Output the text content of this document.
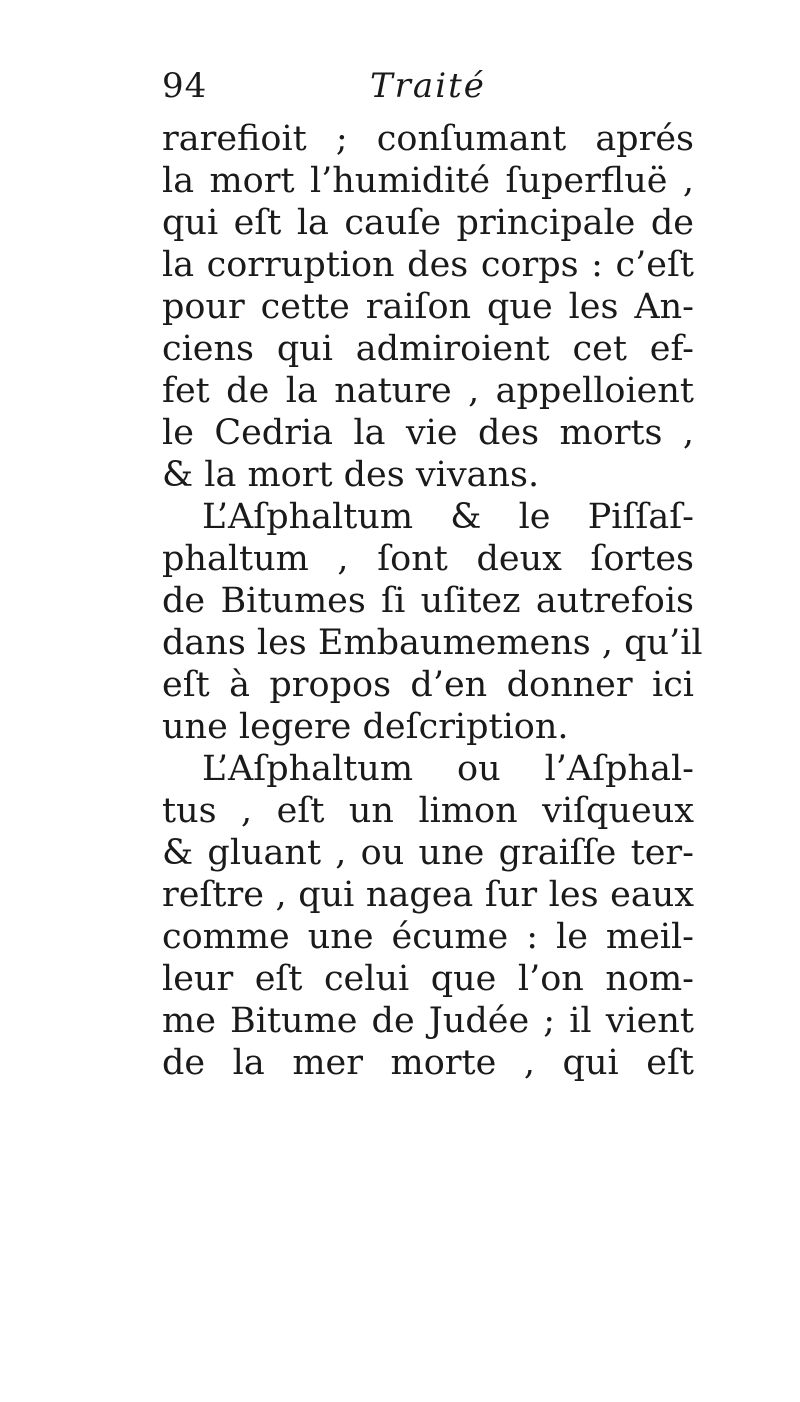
94	Traité
rarefioit ; conſumant aprés
la mort l’humidité ſuperfluë ,
qui eſt la cauſe principale de
la corruption des corps : c’eſt
pour cette raiſon que les An-
ciens qui admiroient cet ef-
fet de la nature , appelloient
le Cedria la vie des morts ,
& la mort des vivans.
L’Aſphaltum & le Piſſaſ-
phaltum , ſont deux ſortes
de Bitumes ſi uſitez autrefois
dans les Embaumemens , qu’il
eſt à propos d’en donner ici
une legere deſcription.
L’Aſphaltum ou l’Aſphal-
tus , eſt un limon viſqueux
& gluant , ou une graiſſe ter-
reſtre , qui nagea ſur les eaux
comme une écume : le meil-
leur eſt celui que l’on nom-
me Bitume de Judée ; il vient
de la mer morte , qui eſt
